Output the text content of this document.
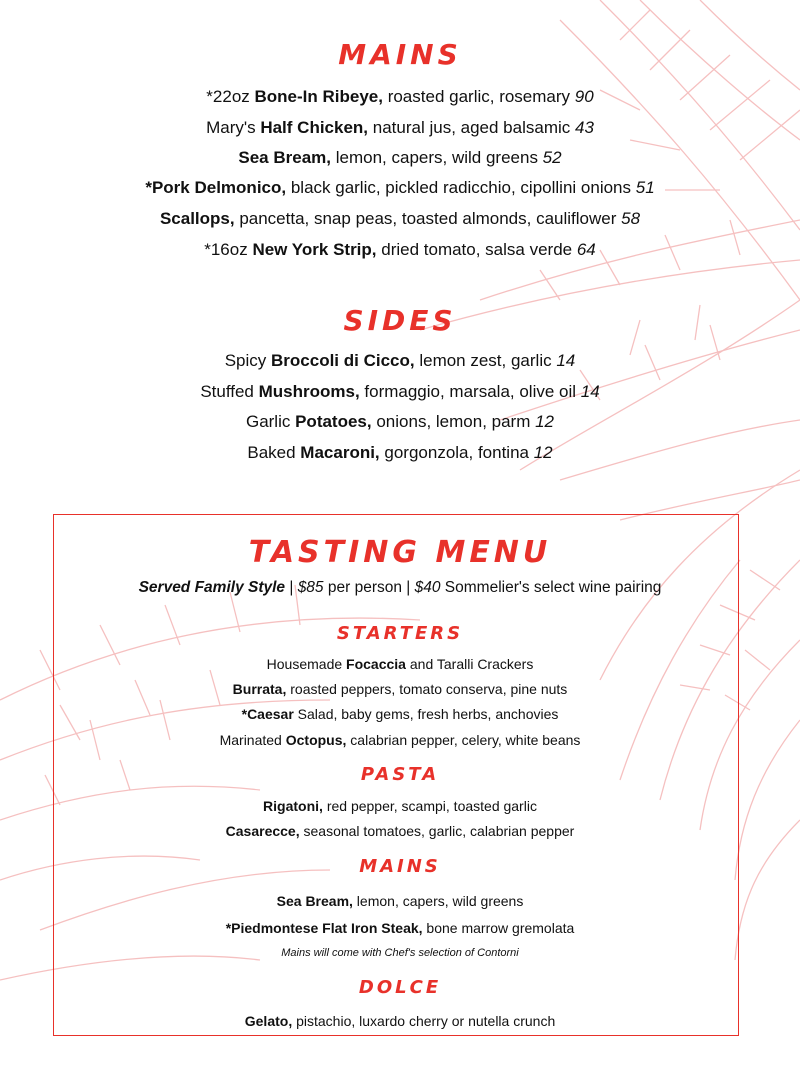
MAINS
*22oz Bone-In Ribeye, roasted garlic, rosemary 90
Mary's Half Chicken, natural jus, aged balsamic 43
Sea Bream, lemon, capers, wild greens 52
*Pork Delmonico, black garlic, pickled radicchio, cipollini onions 51
Scallops, pancetta, snap peas, toasted almonds, cauliflower 58
*16oz New York Strip, dried tomato, salsa verde 64
SIDES
Spicy Broccoli di Cicco, lemon zest, garlic 14
Stuffed Mushrooms, formaggio, marsala, olive oil 14
Garlic Potatoes, onions, lemon, parm 12
Baked Macaroni, gorgonzola, fontina 12
TASTING MENU
Served Family Style | $85 per person | $40 Sommelier's select wine pairing
STARTERS
Housemade Focaccia and Taralli Crackers
Burrata, roasted peppers, tomato conserva, pine nuts
*Caesar Salad, baby gems, fresh herbs, anchovies
Marinated Octopus, calabrian pepper, celery, white beans
PASTA
Rigatoni, red pepper, scampi, toasted garlic
Casarecce, seasonal tomatoes, garlic, calabrian pepper
MAINS
Sea Bream, lemon, capers, wild greens
*Piedmontese Flat Iron Steak, bone marrow gremolata
Mains will come with Chef's selection of Contorni
DOLCE
Gelato, pistachio, luxardo cherry or nutella crunch
